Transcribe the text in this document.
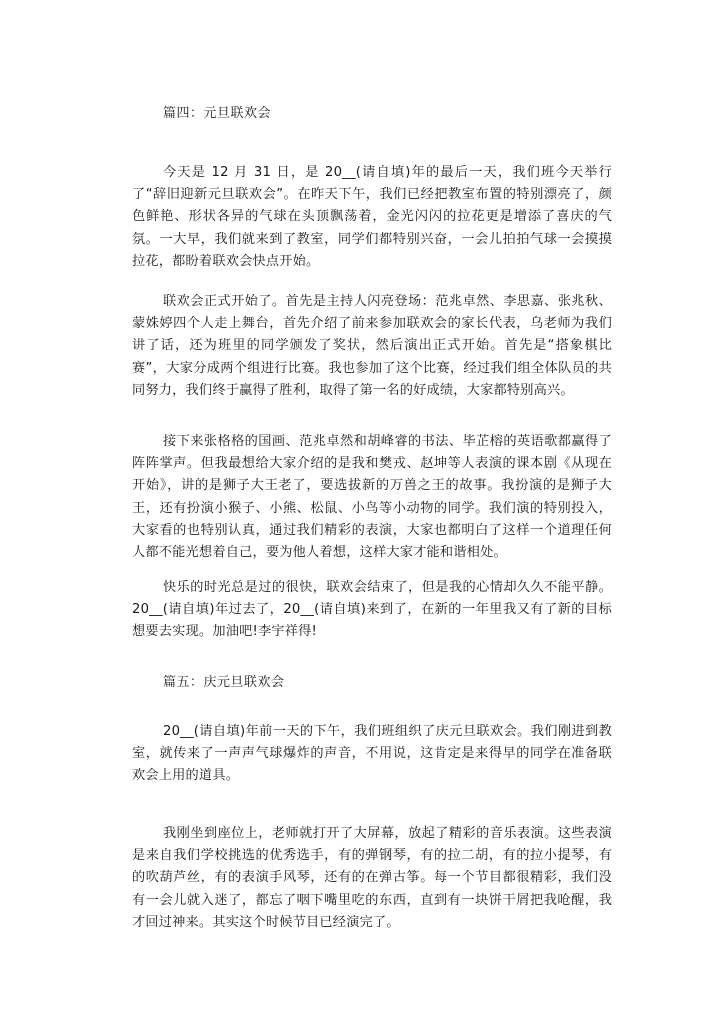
篇四：元旦联欢会

今天是 12 月 31 日，是 20__(请自填)年的最后一天，我们班今天举行了“辞旧迎新元旦联欢会”。在昨天下午，我们已经把教室布置的特别漂亮了，颜色鲜艳、形状各异的气球在头顶飘荡着，金光闪闪的拉花更是增添了喜庆的气氛。一大早，我们就来到了教室，同学们都特别兴奋，一会儿拍拍气球一会摸摸拉花，都盼着联欢会快点开始。

联欢会正式开始了。首先是主持人闪亮登场：范兆卓然、李思嘉、张兆秋、蒙姝婷四个人走上舞台，首先介绍了前来参加联欢会的家长代表，乌老师为我们讲了话，还为班里的同学颁发了奖状，然后演出正式开始。首先是“搭象棋比赛”，大家分成两个组进行比赛。我也参加了这个比赛，经过我们组全体队员的共同努力，我们终于赢得了胜利，取得了第一名的好成绩，大家都特别高兴。

接下来张格格的国画、范兆卓然和胡峰睿的书法、毕芷榕的英语歌都赢得了阵阵掌声。但我最想给大家介绍的是我和樊戎、赵坤等人表演的课本剧《从现在开始》，讲的是狮子大王老了，要选拔新的万兽之王的故事。我扮演的是狮子大王，还有扮演小猴子、小熊、松鼠、小鸟等小动物的同学。我们演的特别投入，大家看的也特别认真，通过我们精彩的表演，大家也都明白了这样一个道理任何人都不能光想着自己，要为他人着想，这样大家才能和谐相处。

快乐的时光总是过的很快，联欢会结束了，但是我的心情却久久不能平静。20__(请自填)年过去了，20__(请自填)来到了，在新的一年里我又有了新的目标想要去实现。加油吧!李宇祥得!

篇五：庆元旦联欢会

20__(请自填)年前一天的下午，我们班组织了庆元旦联欢会。我们刚进到教室，就传来了一声声气球爆炸的声音，不用说，这肯定是来得早的同学在准备联欢会上用的道具。

我刚坐到座位上，老师就打开了大屏幕，放起了精彩的音乐表演。这些表演是来自我们学校挑选的优秀选手，有的弹钢琴，有的拉二胡，有的拉小提琴，有的吹葫芦丝，有的表演手风琴，还有的在弹古筝。每一个节目都很精彩，我们没有一会儿就入迷了，都忘了咽下嘴里吃的东西，直到有一块饼干屑把我呛醒，我才回过神来。其实这个时候节目已经演完了。
